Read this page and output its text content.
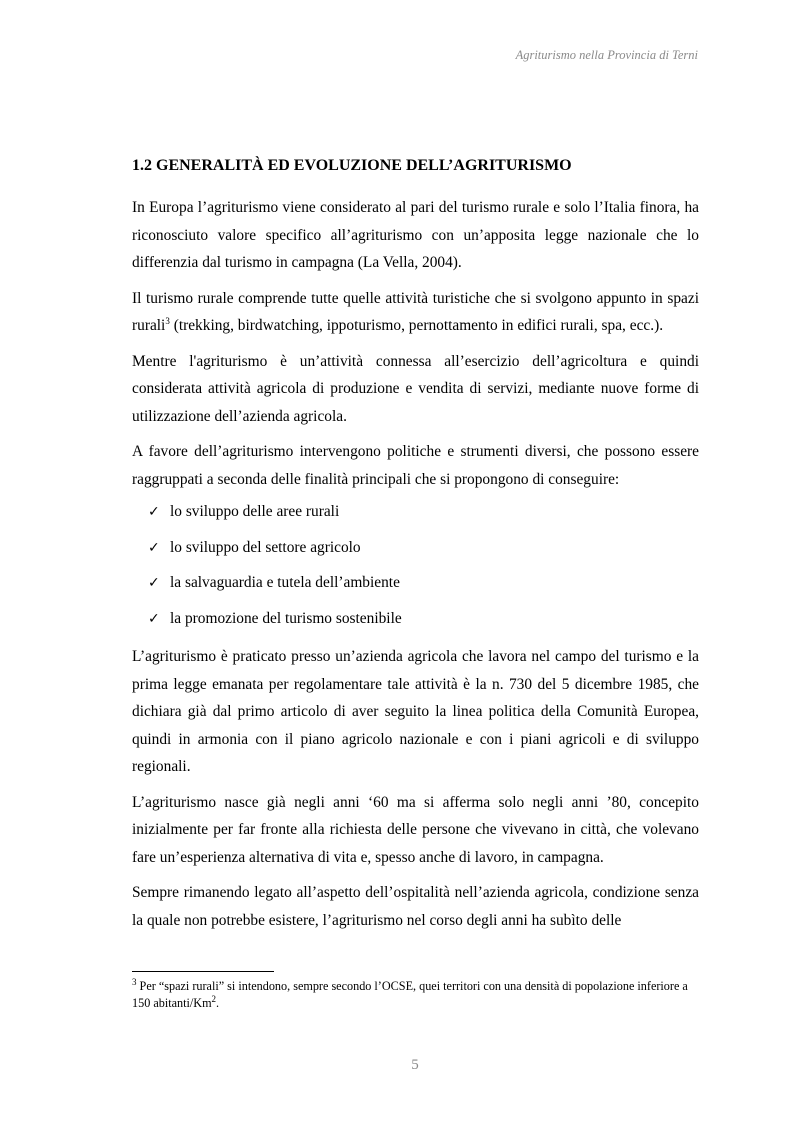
Agriturismo nella Provincia di Terni
1.2 GENERALITÀ ED EVOLUZIONE DELL’AGRITURISMO

In Europa l’agriturismo viene considerato al pari del turismo rurale e solo l’Italia finora, ha riconosciuto valore specifico all’agriturismo con un’apposita legge nazionale che lo differenzia dal turismo in campagna (La Vella, 2004).

Il turismo rurale comprende tutte quelle attività turistiche che si svolgono appunto in spazi rurali$^3$ (trekking, birdwatching, ippoturismo, pernottamento in edifici rurali, spa, ecc.).

Mentre l'agriturismo è un’attività connessa all’esercizio dell’agricoltura e quindi considerata attività agricola di produzione e vendita di servizi, mediante nuove forme di utilizzazione dell’azienda agricola.

A favore dell’agriturismo intervengono politiche e strumenti diversi, che possono essere raggruppati a seconda delle finalità principali che si propongono di conseguire:

✓ lo sviluppo delle aree rurali
✓ lo sviluppo del settore agricolo
✓ la salvaguardia e tutela dell’ambiente
✓ la promozione del turismo sostenibile

L’agriturismo è praticato presso un’azienda agricola che lavora nel campo del turismo e la prima legge emanata per regolamentare tale attività è la n. 730 del 5 dicembre 1985, che dichiara già dal primo articolo di aver seguito la linea politica della Comunità Europea, quindi in armonia con il piano agricolo nazionale e con i piani agricoli e di sviluppo regionali.

L’agriturismo nasce già negli anni ‘60 ma si afferma solo negli anni ’80, concepito inizialmente per far fronte alla richiesta delle persone che vivevano in città, che volevano fare un’esperienza alternativa di vita e, spesso anche di lavoro, in campagna.

Sempre rimanendo legato all’aspetto dell’ospitalità nell’azienda agricola, condizione senza la quale non potrebbe esistere, l’agriturismo nel corso degli anni ha subìto delle

$^3$ Per “spazi rurali” si intendono, sempre secondo l’OCSE, quei territori con una densità di popolazione inferiore a 150 abitanti/Km$^2$.
5
